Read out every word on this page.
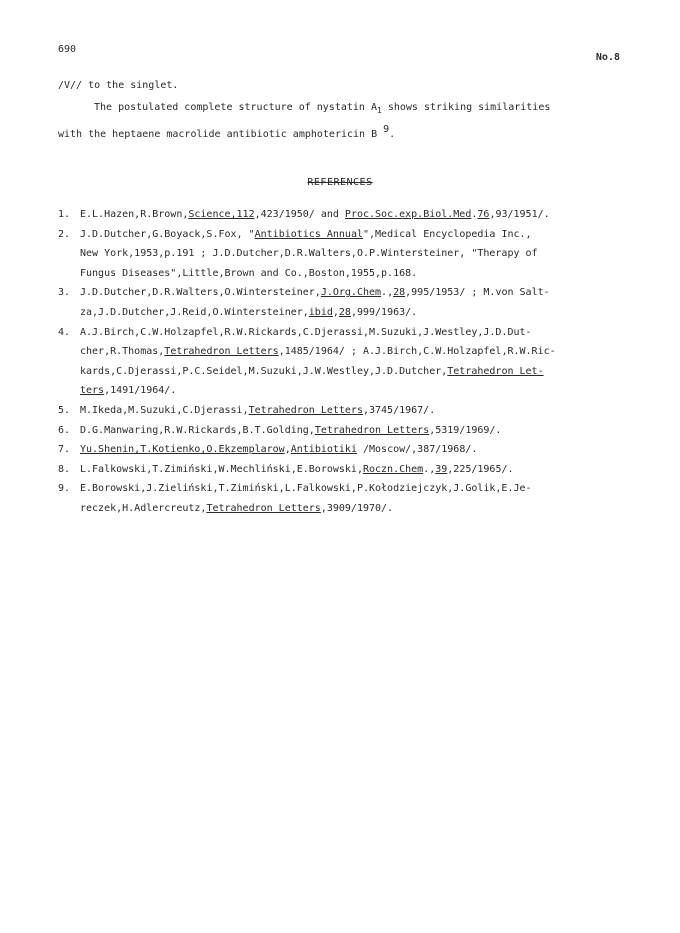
690
No.8
/V// to the singlet.
The postulated complete structure of nystatin $A_1$ shows striking similarities
with the heptaene macrolide antibiotic amphotericin B 9.
REFERENCES
1. E.L.Hazen,R.Brown,Science,112,423/1950/ and Proc.Soc.exp.Biol.Med.76,93/1951/.
2. J.D.Dutcher,G.Boyack,S.Fox, "Antibiotics Annual",Medical Encyclopedia Inc.,
New York,1953,p.191 ; J.D.Dutcher,D.R.Walters,O.P.Wintersteiner, "Therapy of
Fungus Diseases",Little,Brown and Co.,Boston,1955,p.168.
3. J.D.Dutcher,D.R.Walters,O.Wintersteiner,J.Org.Chem.,28,995/1953/ ; M.von Salt-
za,J.D.Dutcher,J.Reid,O.Wintersteiner,ibid,28,999/1963/.
4. A.J.Birch,C.W.Holzapfel,R.W.Rickards,C.Djerassi,M.Suzuki,J.Westley,J.D.Dut-
cher,R.Thomas,Tetrahedron Letters,1485/1964/ ; A.J.Birch,C.W.Holzapfel,R.W.Ric-
kards,C.Djerassi,P.C.Seidel,M.Suzuki,J.W.Westley,J.D.Dutcher,Tetrahedron Let-
ters,1491/1964/.
5. M.Ikeda,M.Suzuki,C.Djerassi,Tetrahedron Letters,3745/1967/.
6. D.G.Manwaring,R.W.Rickards,B.T.Golding,Tetrahedron Letters,5319/1969/.
7. Yu.Shenin,T.Kotienko,O.Ekzemplarow,Antibiotiki /Moscow/,387/1968/.
8. L.Falkowski,T.Zimiński,W.Mechliński,E.Borowski,Roczn.Chem.,39,225/1965/.
9. E.Borowski,J.Zieliński,T.Zimiński,L.Falkowski,P.Kołodziejczyk,J.Golik,E.Je-
reczek,H.Adlercreutz,Tetrahedron Letters,3909/1970/.
